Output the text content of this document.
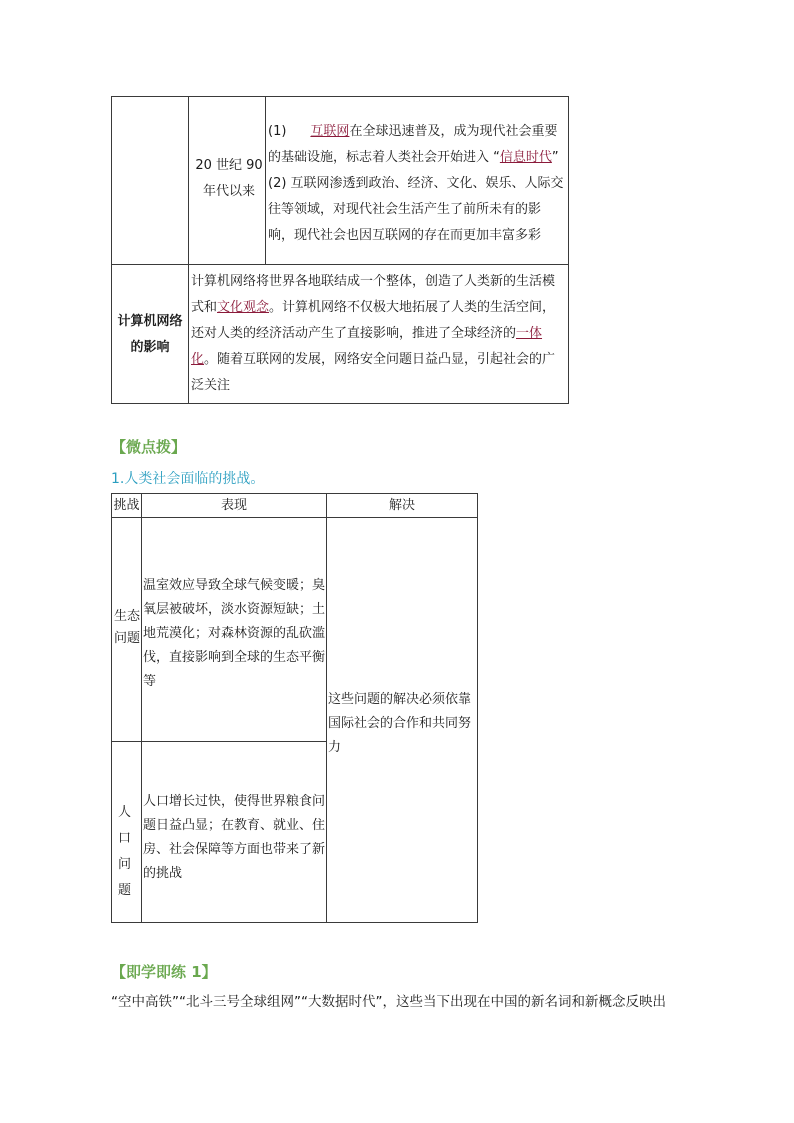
20 世纪 90 年代以来
(1) 互联网在全球迅速普及，成为现代社会重要的基础设施，标志着人类社会开始进入 “信息时代”
(2) 互联网渗透到政治、经济、文化、娱乐、人际交往等领域，对现代社会生活产生了前所未有的影响，现代社会也因互联网的存在而更加丰富多彩
计算机网络的影响
计算机网络将世界各地联结成一个整体，创造了人类新的生活模式和文化观念。计算机网络不仅极大地拓展了人类的生活空间，还对人类的经济活动产生了直接影响，推进了全球经济的一体化。随着互联网的发展，网络安全问题日益凸显，引起社会的广泛关注
【微点拨】
1.人类社会面临的挑战。
挑战	表现	解决
生态问题
温室效应导致全球气候变暖；臭氧层被破坏，淡水资源短缺；土地荒漠化；对森林资源的乱砍滥伐，直接影响到全球的生态平衡等
人口问题
人口增长过快，使得世界粮食问题日益凸显；在教育、就业、住房、社会保障等方面也带来了新的挑战
这些问题的解决必须依靠国际社会的合作和共同努力
【即学即练 1】
“空中高铁”“北斗三号全球组网”“大数据时代”，这些当下出现在中国的新名词和新概念反映出
